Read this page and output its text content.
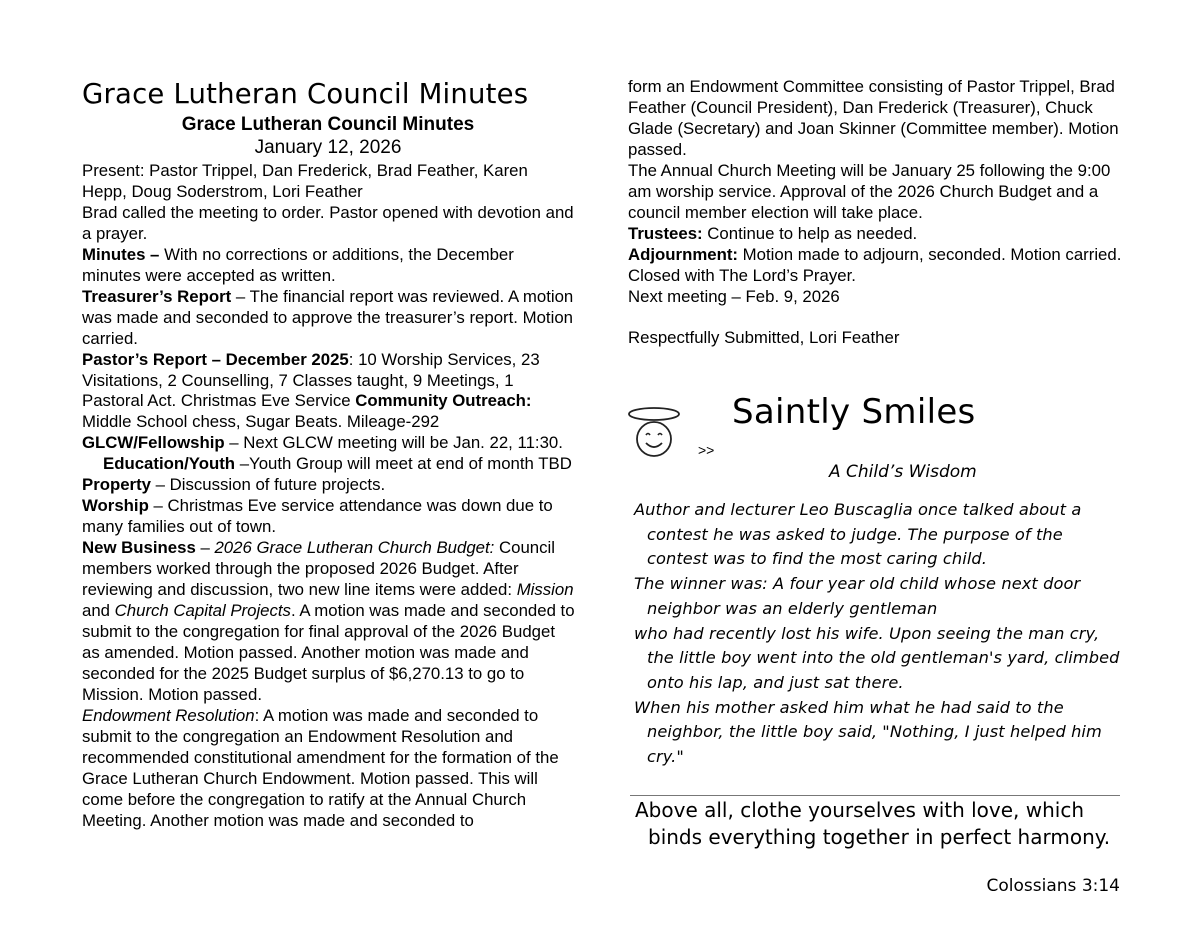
Grace Lutheran Council Minutes
Grace Lutheran Council Minutes
January 12, 2026

Present: Pastor Trippel, Dan Frederick, Brad Feather, Karen Hepp, Doug Soderstrom, Lori Feather

Brad called the meeting to order. Pastor opened with devotion and a prayer.

Minutes – With no corrections or additions, the December minutes were accepted as written.

Treasurer’s Report – The financial report was reviewed. A motion was made and seconded to approve the treasurer’s report. Motion carried.

Pastor’s Report – December 2025: 10 Worship Services, 23 Visitations, 2 Counselling, 7 Classes taught, 9 Meetings, 1 Pastoral Act. Christmas Eve Service Community Outreach: Middle School chess, Sugar Beats. Mileage-292

GLCW/Fellowship – Next GLCW meeting will be Jan. 22, 11:30.

Education/Youth –Youth Group will meet at end of month TBD

Property – Discussion of future projects.

Worship – Christmas Eve service attendance was down due to many families out of town.

New Business – 2026 Grace Lutheran Church Budget: Council members worked through the proposed 2026 Budget. After reviewing and discussion, two new line items were added: Mission and Church Capital Projects. A motion was made and seconded to submit to the congregation for final approval of the 2026 Budget as amended. Motion passed. Another motion was made and seconded for the 2025 Budget surplus of $6,270.13 to go to Mission. Motion passed.

Endowment Resolution: A motion was made and seconded to submit to the congregation an Endowment Resolution and recommended constitutional amendment for the formation of the Grace Lutheran Church Endowment. Motion passed. This will come before the congregation to ratify at the Annual Church Meeting. Another motion was made and seconded to

form an Endowment Committee consisting of Pastor Trippel, Brad Feather (Council President), Dan Frederick (Treasurer), Chuck Glade (Secretary) and Joan Skinner (Committee member). Motion passed.

The Annual Church Meeting will be January 25 following the 9:00 am worship service. Approval of the 2026 Church Budget and a council member election will take place.

Trustees: Continue to help as needed.

Adjournment: Motion made to adjourn, seconded. Motion carried.

Closed with The Lord’s Prayer.

Next meeting – Feb. 9, 2026

Respectfully Submitted, Lori Feather

Saintly Smiles
>>
A Child’s Wisdom

Author and lecturer Leo Buscaglia once talked about a contest he was asked to judge. The purpose of the contest was to find the most caring child.

The winner was: A four year old child whose next door neighbor was an elderly gentleman

who had recently lost his wife. Upon seeing the man cry, the little boy went into the old gentleman's yard, climbed onto his lap, and just sat there.

When his mother asked him what he had said to the neighbor, the little boy said, "Nothing, I just helped him cry."

Above all, clothe yourselves with love, which binds everything together in perfect harmony.
Colossians 3:14
